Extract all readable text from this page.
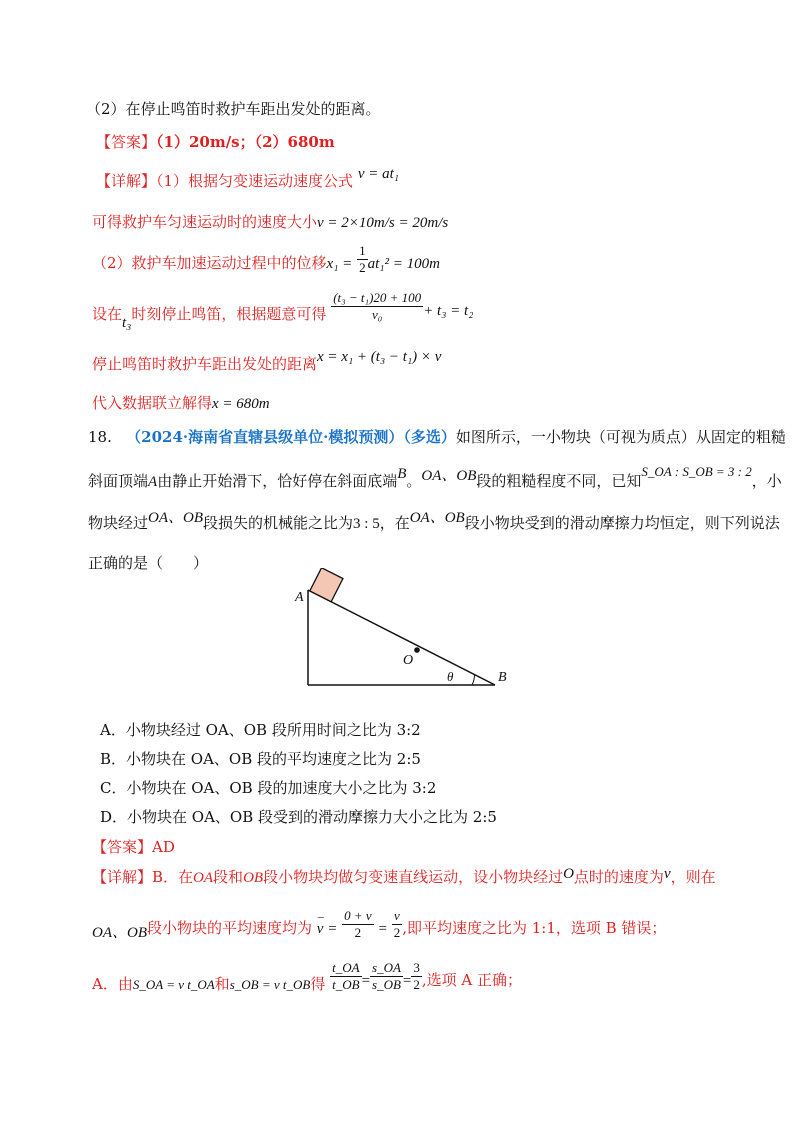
（2）在停止鸣笛时救护车距出发处的距离。
【答案】（1）20m/s；（2）680m
【详解】（1）根据匀变速运动速度公式 v = at₁
可得救护车匀速运动时的速度大小v = 2×10m/s = 20m/s
（2）救护车加速运动过程中的位移$x_1 = \frac{1}{2} at_1^2 = 100m$
设在t₃时刻停止鸣笛，根据题意可得 $\frac{\text{(t₃ − t₁)20 + 100}}{\text{v₀}} + t_3 = t_2$
停止鸣笛时救护车距出发处的距离x = x₁ + (t₃ − t₁) × v
代入数据联立解得x = 680m
18. （2024·海南省直辖县级单位·模拟预测）（多选）如图所示，一小物块（可视为质点）从固定的粗糙
斜面顶端A由静止开始滑下，恰好停在斜面底端B。OA、OB段的粗糙程度不同，已知S_OA : S_OB = 3 : 2，小
物块经过OA、OB段损失的机械能之比为3 : 5，在OA、OB段小物块受到的滑动摩擦力均恒定，则下列说法
正确的是（　　）
A
O
B
θ
A．小物块经过 OA、OB 段所用时间之比为 3:2
B．小物块在 OA、OB 段的平均速度之比为 2:5
C．小物块在 OA、OB 段的加速度大小之比为 3:2
D．小物块在 OA、OB 段受到的滑动摩擦力大小之比为 2:5
【答案】AD
【详解】B．在OA段和OB段小物块均做匀变速直线运动，设小物块经过O点时的速度为v，则在
OA、OB段小物块的平均速度均为 – $v = \frac{0 + v}{2} = \frac{v}{2}$ ,即平均速度之比为 1:1，选项 B 错误；
A．由S_OA = v t_OA和s_OB = v t_OB得 $\frac{t\_OA}{t\_OB} = \frac{s\_OA}{s\_OB} = \frac{3}{2}$ ,选项 A 正确；
